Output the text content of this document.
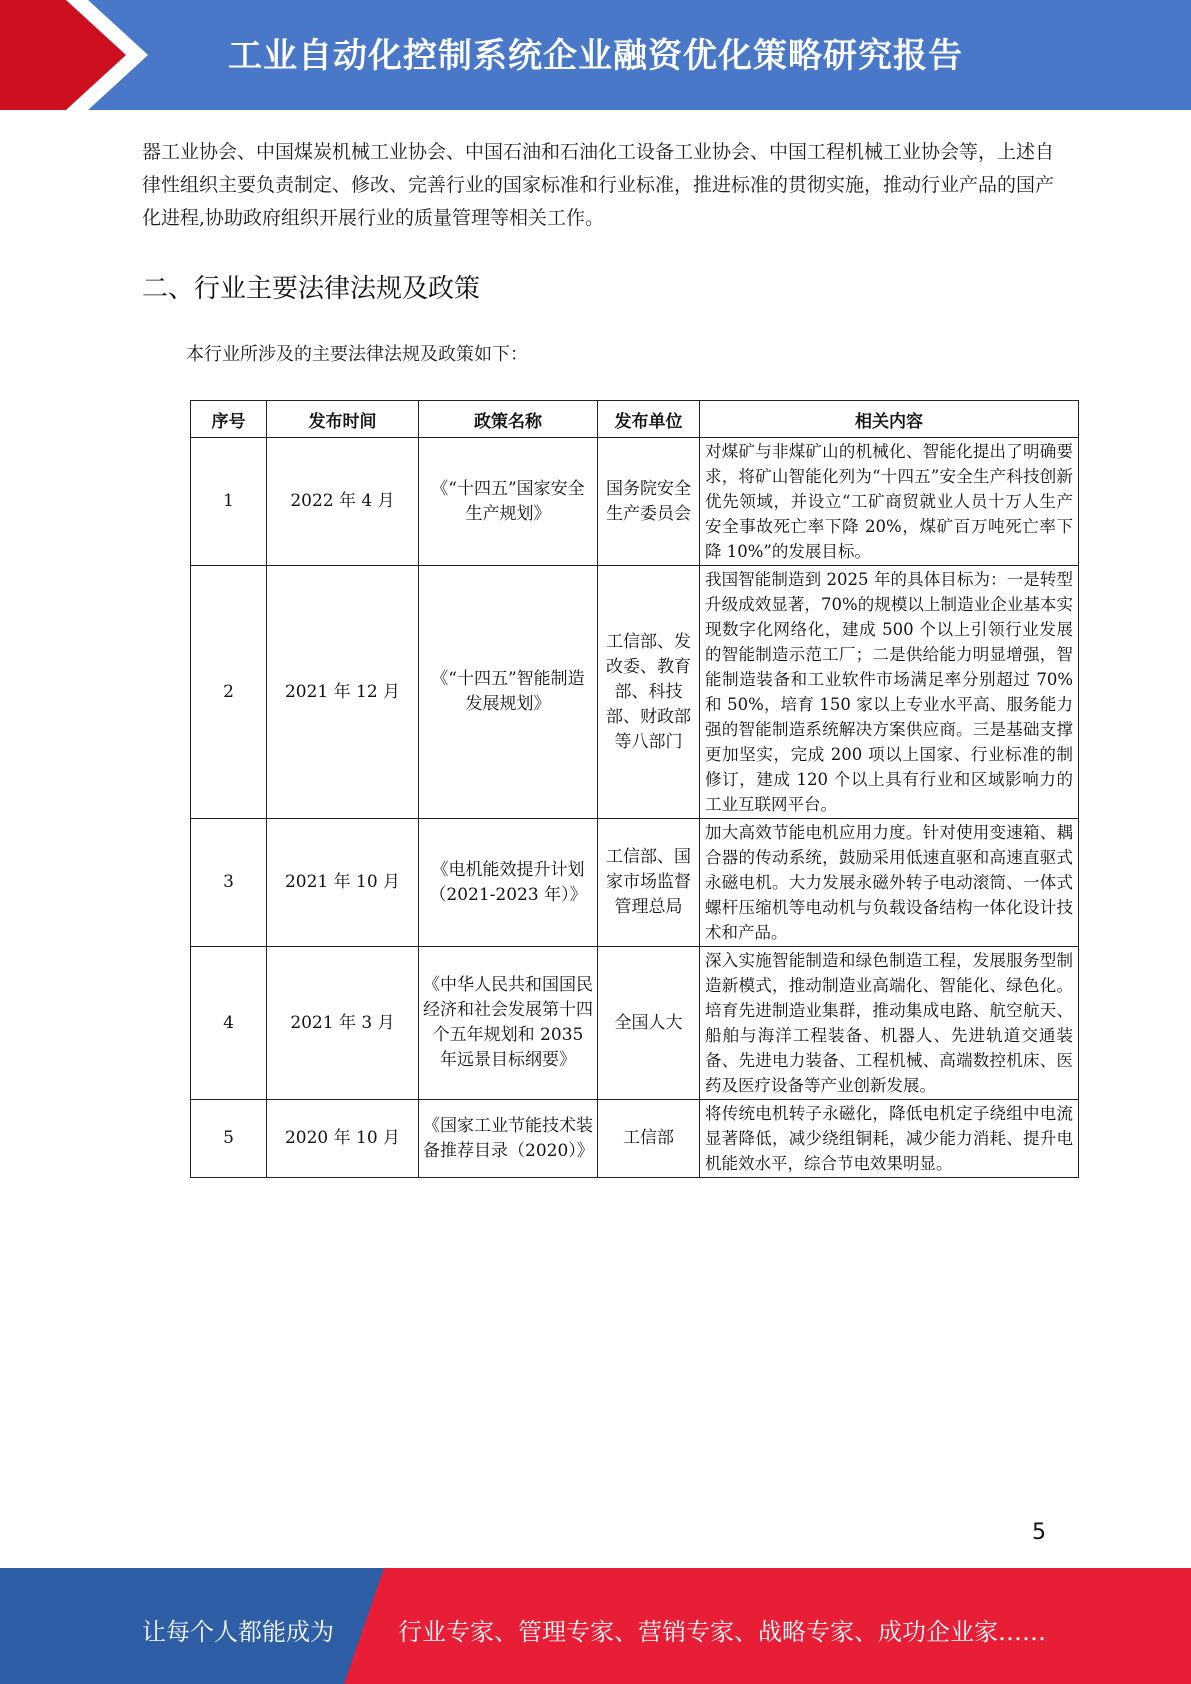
工业自动化控制系统企业融资优化策略研究报告

器工业协会、中国煤炭机械工业协会、中国石油和石油化工设备工业协会、中国工程机械工业协会等，上述自律性组织主要负责制定、修改、完善行业的国家标准和行业标准，推进标准的贯彻实施，推动行业产品的国产化进程,协助政府组织开展行业的质量管理等相关工作。

二、行业主要法律法规及政策

本行业所涉及的主要法律法规及政策如下：

序号	发布时间	政策名称	发布单位	相关内容
1	2022 年 4 月	《“十四五”国家安全生产规划》	国务院安全生产委员会	对煤矿与非煤矿山的机械化、智能化提出了明确要求，将矿山智能化列为“十四五”安全生产科技创新优先领域，并设立“工矿商贸就业人员十万人生产安全事故死亡率下降 20%，煤矿百万吨死亡率下降 10%”的发展目标。
2	2021 年 12 月	《“十四五”智能制造发展规划》	工信部、发改委、教育部、科技部、财政部等八部门	我国智能制造到 2025 年的具体目标为：一是转型升级成效显著，70%的规模以上制造业企业基本实现数字化网络化，建成 500 个以上引领行业发展的智能制造示范工厂；二是供给能力明显增强，智能制造装备和工业软件市场满足率分别超过 70%和 50%，培育 150 家以上专业水平高、服务能力强的智能制造系统解决方案供应商。三是基础支撑更加坚实，完成 200 项以上国家、行业标准的制修订，建成 120 个以上具有行业和区域影响力的工业互联网平台。
3	2021 年 10 月	《电机能效提升计划（2021-2023 年）》	工信部、国家市场监督管理总局	加大高效节能电机应用力度。针对使用变速箱、耦合器的传动系统，鼓励采用低速直驱和高速直驱式永磁电机。大力发展永磁外转子电动滚筒、一体式螺杆压缩机等电动机与负载设备结构一体化设计技术和产品。
4	2021 年 3 月	《中华人民共和国国民经济和社会发展第十四个五年规划和 2035 年远景目标纲要》	全国人大	深入实施智能制造和绿色制造工程，发展服务型制造新模式，推动制造业高端化、智能化、绿色化。培育先进制造业集群，推动集成电路、航空航天、船舶与海洋工程装备、机器人、先进轨道交通装备、先进电力装备、工程机械、高端数控机床、医药及医疗设备等产业创新发展。
5	2020 年 10 月	《国家工业节能技术装备推荐目录（2020）》	工信部	将传统电机转子永磁化，降低电机定子绕组中电流显著降低，减少绕组铜耗，减少能力消耗、提升电机能效水平，综合节电效果明显。
5
让每个人都能成为	行业专家、管理专家、营销专家、战略专家、成功企业家……
